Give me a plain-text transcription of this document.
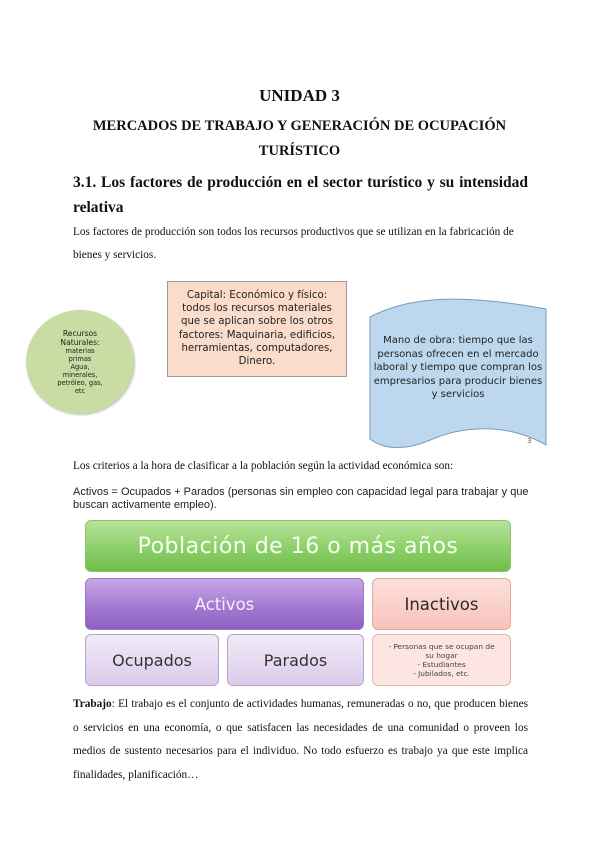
UNIDAD 3
MERCADOS DE TRABAJO Y GENERACIÓN DE OCUPACIÓN
TURÍSTICO
3.1. Los factores de producción en el sector turístico y su intensidad relativa
Los factores de producción son todos los recursos productivos que se utilizan en la fabricación de bienes y servicios.
Recursos
Naturales:
materias
primas
Agua,
minerales,
petróleo, gas,
etc
Capital: Económico y físico: todos los recursos materiales que se aplican sobre los otros factores: Maquinaria, edificios, herramientas, computadores, Dinero.
Mano de obra: tiempo que las personas ofrecen en el mercado laboral y tiempo que compran los empresarios para producir bienes y servicios
3
Los criterios a la hora de clasificar a la población según la actividad económica son:
Activos = Ocupados + Parados (personas sin empleo con capacidad legal para trabajar y que buscan activamente empleo).
Población de 16 o más años
Activos	Inactivos
Ocupados	Parados
- Personas que se ocupan de
su hogar
- Estudiantes
- Jubilados, etc.
Trabajo: El trabajo es el conjunto de actividades humanas, remuneradas o no, que producen bienes o servicios en una economía, o que satisfacen las necesidades de una comunidad o proveen los medios de sustento necesarios para el individuo. No todo esfuerzo es trabajo ya que este implica finalidades, planificación…
